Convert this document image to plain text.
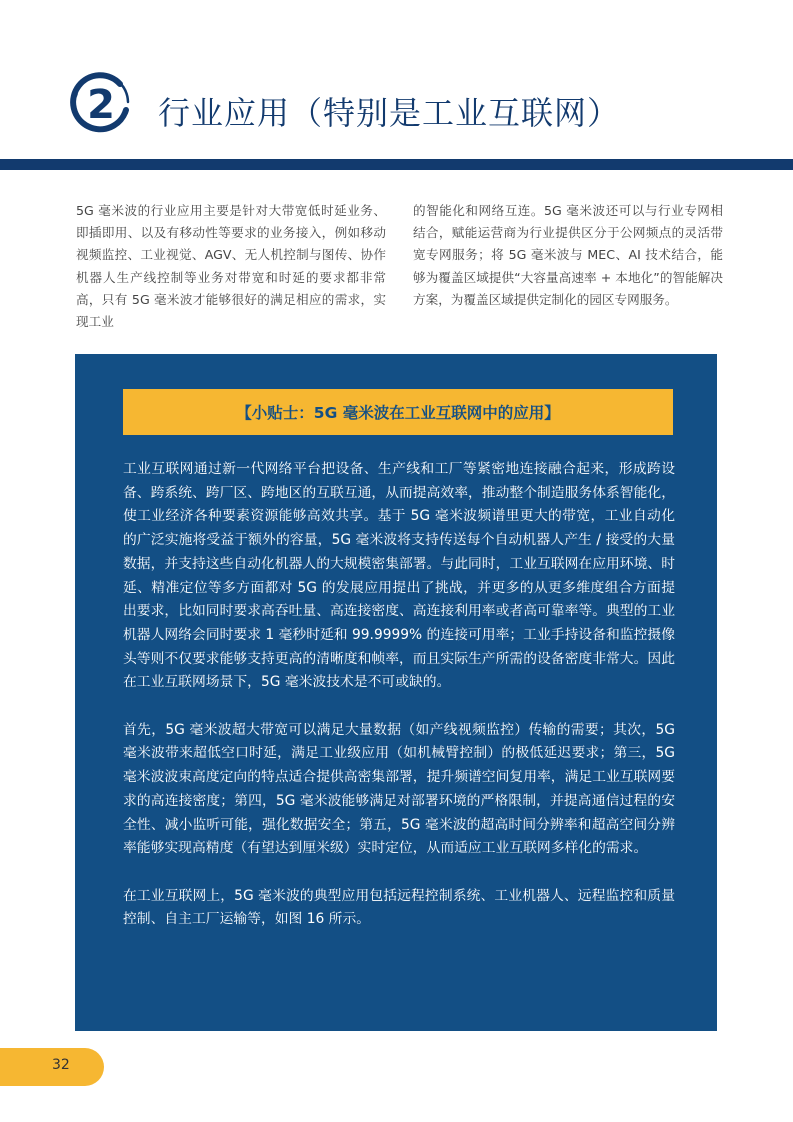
2	行业应用（特别是工业互联网）

5G 毫米波的行业应用主要是针对大带宽低时延业务、即插即用、以及有移动性等要求的业务接入，例如移动视频监控、工业视觉、AGV、无人机控制与图传、协作机器人生产线控制等业务对带宽和时延的要求都非常高，只有 5G 毫米波才能够很好的满足相应的需求，实现工业

的智能化和网络互连。5G 毫米波还可以与行业专网相结合，赋能运营商为行业提供区分于公网频点的灵活带宽专网服务；将 5G 毫米波与 MEC、AI 技术结合，能够为覆盖区域提供“大容量高速率 + 本地化”的智能解决方案，为覆盖区域提供定制化的园区专网服务。

【小贴士：5G 毫米波在工业互联网中的应用】

工业互联网通过新一代网络平台把设备、生产线和工厂等紧密地连接融合起来，形成跨设备、跨系统、跨厂区、跨地区的互联互通，从而提高效率，推动整个制造服务体系智能化，使工业经济各种要素资源能够高效共享。基于 5G 毫米波频谱里更大的带宽，工业自动化的广泛实施将受益于额外的容量，5G 毫米波将支持传送每个自动机器人产生 / 接受的大量数据，并支持这些自动化机器人的大规模密集部署。与此同时，工业互联网在应用环境、时延、精准定位等多方面都对 5G 的发展应用提出了挑战，并更多的从更多维度组合方面提出要求，比如同时要求高吞吐量、高连接密度、高连接利用率或者高可靠率等。典型的工业机器人网络会同时要求 1 毫秒时延和 99.9999% 的连接可用率；工业手持设备和监控摄像头等则不仅要求能够支持更高的清晰度和帧率，而且实际生产所需的设备密度非常大。因此在工业互联网场景下，5G 毫米波技术是不可或缺的。

首先，5G 毫米波超大带宽可以满足大量数据（如产线视频监控）传输的需要；其次，5G 毫米波带来超低空口时延，满足工业级应用（如机械臂控制）的极低延迟要求；第三，5G 毫米波波束高度定向的特点适合提供高密集部署，提升频谱空间复用率，满足工业互联网要求的高连接密度；第四，5G 毫米波能够满足对部署环境的严格限制，并提高通信过程的安全性、减小监听可能，强化数据安全；第五，5G 毫米波的超高时间分辨率和超高空间分辨率能够实现高精度（有望达到厘米级）实时定位，从而适应工业互联网多样化的需求。

在工业互联网上，5G 毫米波的典型应用包括远程控制系统、工业机器人、远程监控和质量控制、自主工厂运输等，如图 16 所示。

32
